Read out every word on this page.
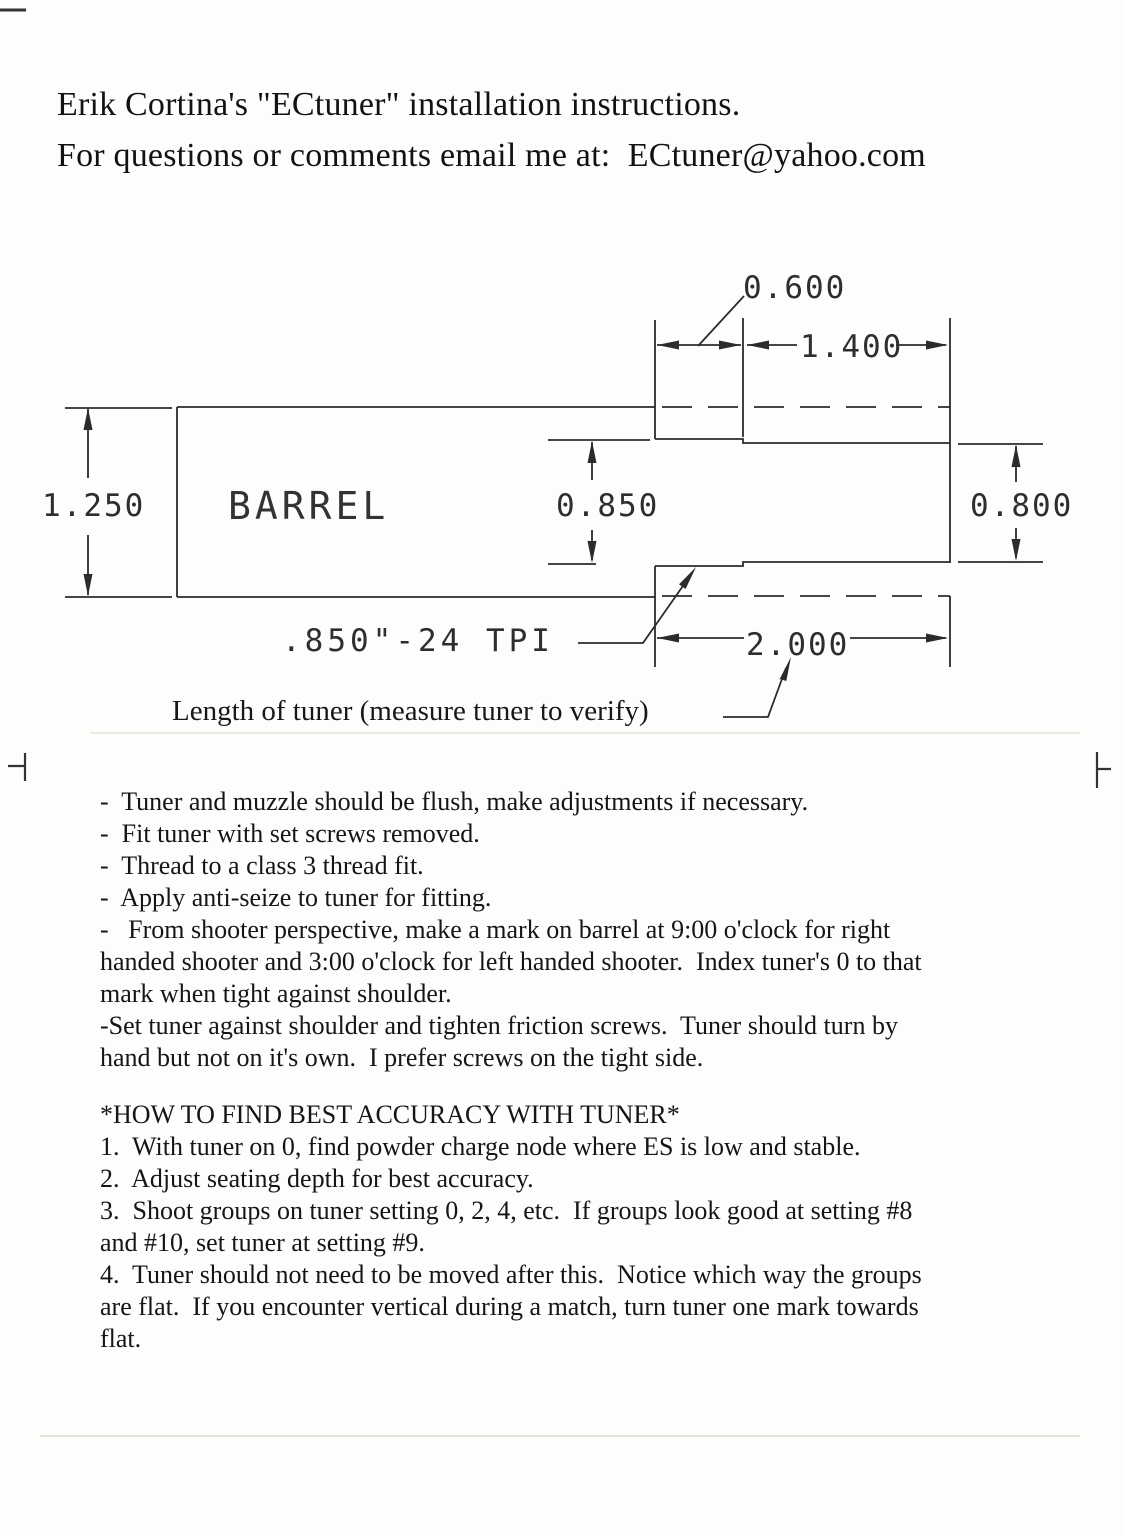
Erik Cortina's "ECtuner" installation instructions.
For questions or comments email me at:  ECtuner@yahoo.com
0.600
1.400
1.250 BARREL	0.850	0.800
.850"-24 TPI	2.000
Length of tuner (measure tuner to verify)
-  Tuner and muzzle should be flush, make adjustments if necessary.
-  Fit tuner with set screws removed.
-  Thread to a class 3 thread fit.
-  Apply anti-seize to tuner for fitting.
-   From shooter perspective, make a mark on barrel at 9:00 o'clock for right
handed shooter and 3:00 o'clock for left handed shooter.  Index tuner's 0 to that
mark when tight against shoulder.
-Set tuner against shoulder and tighten friction screws.  Tuner should turn by
hand but not on it's own.  I prefer screws on the tight side.
*HOW TO FIND BEST ACCURACY WITH TUNER*
1.  With tuner on 0, find powder charge node where ES is low and stable.
2.  Adjust seating depth for best accuracy.
3.  Shoot groups on tuner setting 0, 2, 4, etc.  If groups look good at setting #8
and #10, set tuner at setting #9.
4.  Tuner should not need to be moved after this.  Notice which way the groups
are flat.  If you encounter vertical during a match, turn tuner one mark towards
flat.
